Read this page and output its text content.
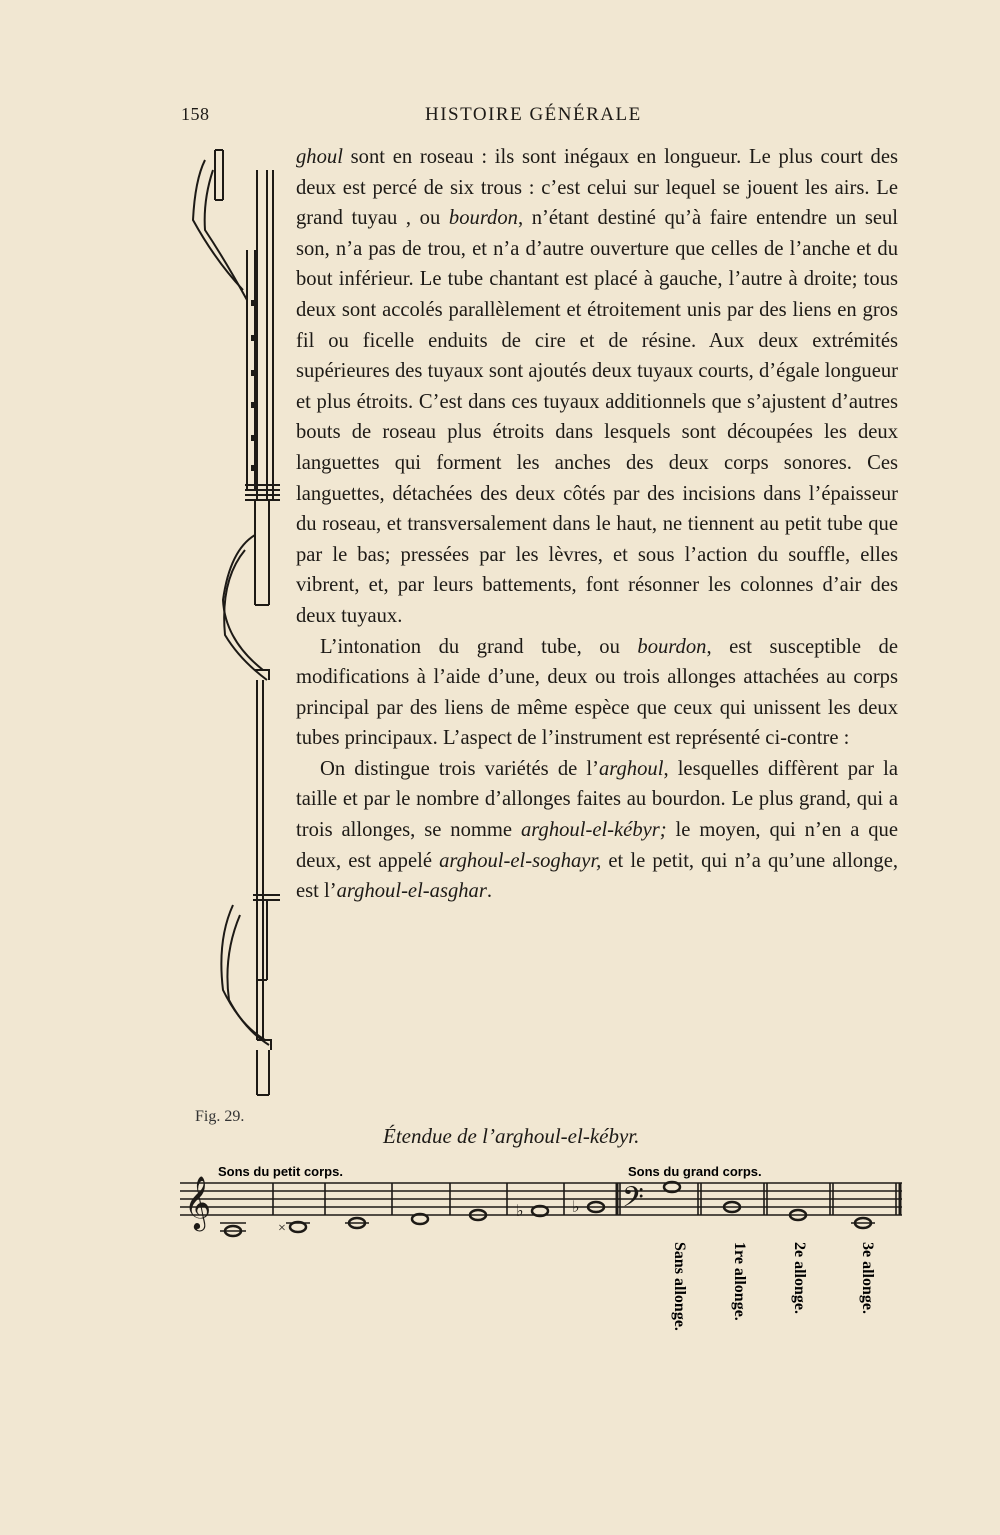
158	HISTOIRE GÉNÉRALE
Fig. 29.

ghoul sont en roseau : ils sont inégaux en longueur. Le plus court des deux est percé de six trous : c’est celui sur lequel se jouent les airs. Le grand tuyau , ou bourdon, n’étant destiné qu’à faire entendre un seul son, n’a pas de trou, et n’a d’autre ouverture que celles de l’anche et du bout inférieur. Le tube chantant est placé à gauche, l’autre à droite; tous deux sont accolés parallèlement et étroitement unis par des liens en gros fil ou ficelle enduits de cire et de résine. Aux deux extrémités supérieures des tuyaux sont ajoutés deux tuyaux courts, d’égale longueur et plus étroits. C’est dans ces tuyaux additionnels que s’ajustent d’autres bouts de roseau plus étroits dans lesquels sont découpées les deux languettes qui forment les anches des deux corps sonores. Ces languettes, détachées des deux côtés par des incisions dans l’épaisseur du roseau, et transversalement dans le haut, ne tiennent au petit tube que par le bas; pressées par les lèvres, et sous l’action du souffle, elles vibrent, et, par leurs battements, font résonner les colonnes d’air des deux tuyaux.

L’intonation du grand tube, ou bourdon, est susceptible de modifications à l’aide d’une, deux ou trois allonges attachées au corps principal par des liens de même espèce que ceux qui unissent les deux tubes principaux. L’aspect de l’instrument est représenté ci-contre :

On distingue trois variétés de l’arghoul, lesquelles diffèrent par la taille et par le nombre d’allonges faites au bourdon. Le plus grand, qui a trois allonges, se nomme arghoul-el-kébyr; le moyen, qui n’en a que deux, est appelé arghoul-el-soghayr, et le petit, qui n’a qu’une allonge, est l’arghoul-el-asghar.

Étendue de l’arghoul-el-kébyr.
Sons du petit corps.	Sons du grand corps.
𝄞	𝄢
×
♭	♭
Sans allonge.	1re allonge.	2e allonge.	3e allonge.
